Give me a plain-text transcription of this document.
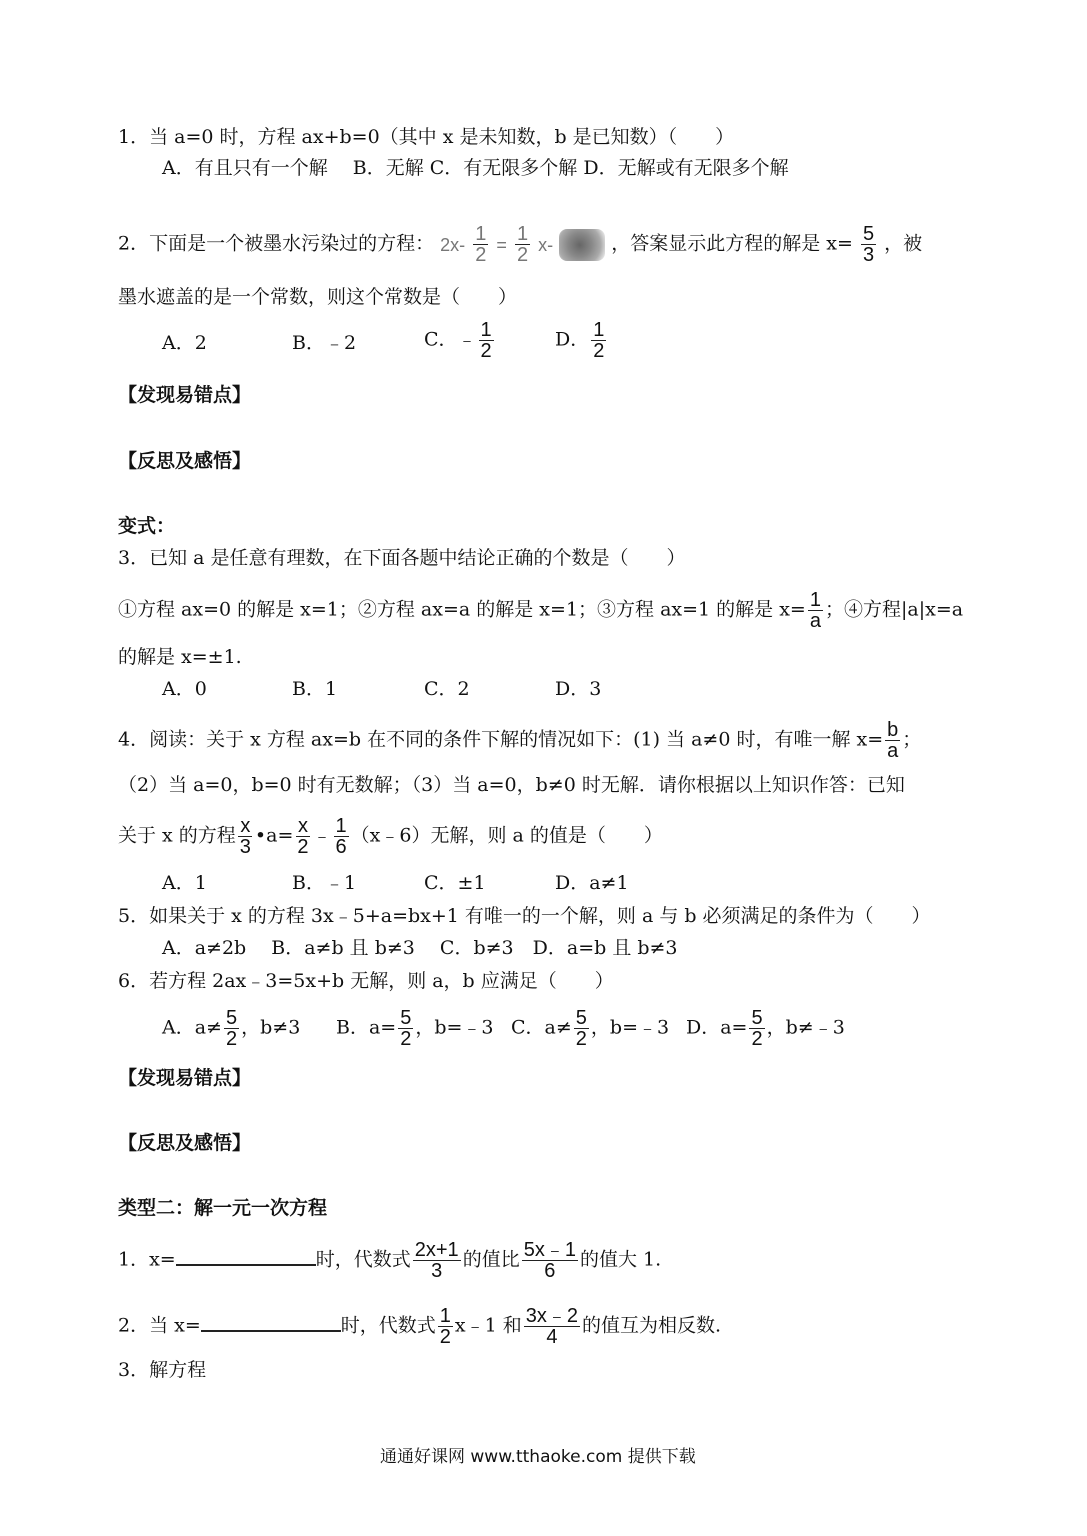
1．当 a=0 时，方程 ax+b=0（其中 x 是未知数，b 是已知数）（　　）
A．有且只有一个解　 B．无解 C．有无限多个解 D．无解或有无限多个解
2．下面是一个被墨水污染过的方程： $2x- \frac{1}{2} = \frac{1}{2} x-$	，答案显示此方程的解是 $x= \frac{5}{3}$ ，被
墨水遮盖的是一个常数，则这个常数是（　　）
A．2	B．﹣2	C．﹣ $\frac{1}{2}$	D． $\frac{1}{2}$
【发现易错点】
【反思及感悟】
变式：
3．已知 a 是任意有理数，在下面各题中结论正确的个数是（　　）
①方程 ax=0 的解是 x=1；②方程 ax=a 的解是 x=1；③方程 ax=1 的解是 $x= \frac{1}{a}$ ；④方程|a|x=a
的解是 x=±1.
A．0	B．1	C．2	D．3
4．阅读：关于 x 方程 ax=b 在不同的条件下解的情况如下：(1) 当 a≠0 时，有唯一解 $x= \frac{b}{a}$ ；
（2）当 a=0，b=0 时有无数解；（3）当 a=0，b≠0 时无解．请你根据以上知识作答：已知
关于 x 的方程 $\frac{x}{3}$ •a= $\frac{x}{2}$ ﹣ $\frac{1}{6}$ （x﹣6）无解，则 a 的值是（　　）
A．1	B．﹣1	C．±1	D．a≠1
5．如果关于 x 的方程 3x﹣5+a=bx+1 有唯一的一个解，则 a 与 b 必须满足的条件为（　　）
A．a≠2b　 B．a≠b 且 b≠3　 C．b≠3　D．a=b 且 b≠3
6．若方程 2ax﹣3=5x+b 无解，则 a，b 应满足（　　）
A．$a\ne \frac{5}{2}$ ，b≠3 B．$a= \frac{5}{2}$ ，b=﹣3 C．$a\ne \frac{5}{2}$ ，b=﹣3 D．$a= \frac{5}{2}$ ，b≠﹣3
【发现易错点】
【反思及感悟】
类型二：解一元一次方程
1．x=	时，代数式 $\frac{2x+1}{3}$ 的值比 $\frac{5x﹣1}{6}$ 的值大 1.
2．当 x=	时，代数式 $\frac{1}{2}$ x﹣1 和 $\frac{3x﹣2}{4}$ 的值互为相反数.
3．解方程
通通好课网 www.tthaoke.com 提供下载
